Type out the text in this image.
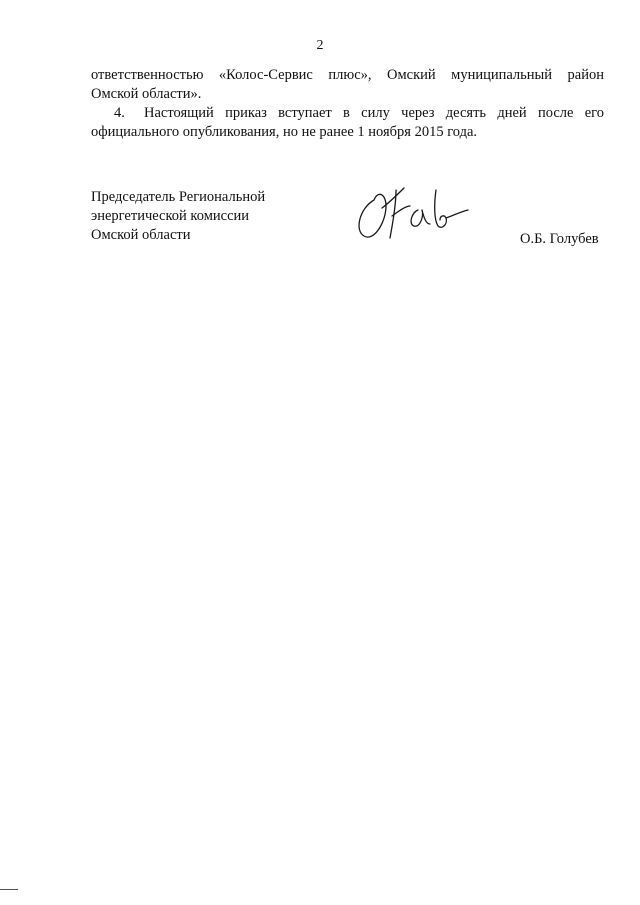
2
ответственностью «Колос-Сервис плюс», Омский муниципальный район
Омской области».
4. Настоящий приказ вступает в силу через десять дней после его
официального опубликования, но не ранее 1 ноября 2015 года.
Председатель Региональной
энергетической комиссии
Омской области	О.Б. Голубев
